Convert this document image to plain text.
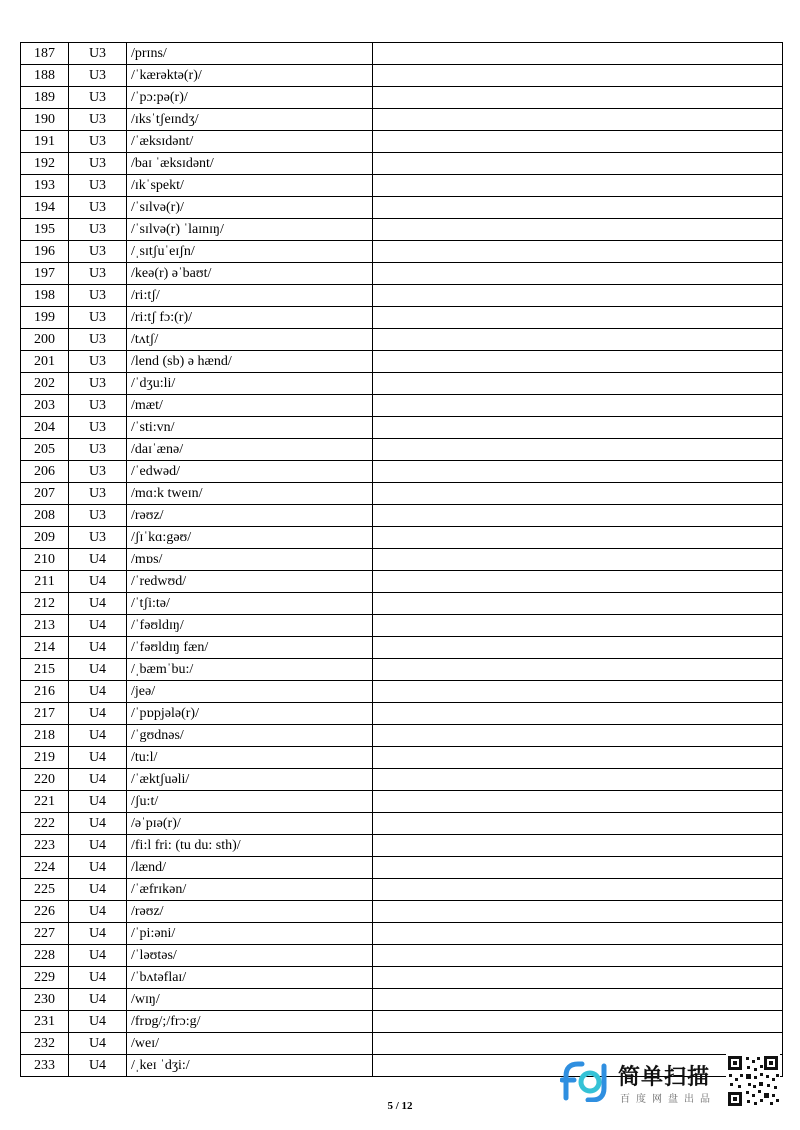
187	U3	/prɪns/	
188	U3	/ˈkærəktə(r)/	
189	U3	/ˈpɔ:pə(r)/	
190	U3	/ɪksˈtʃeɪndʒ/	
191	U3	/ˈæksɪdənt/	
192	U3	/baɪ ˈæksɪdənt/	
193	U3	/ɪkˈspekt/	
194	U3	/ˈsɪlvə(r)/	
195	U3	/ˈsɪlvə(r) ˈlaɪnɪŋ/	
196	U3	/ˌsɪtʃuˈeɪʃn/	
197	U3	/keə(r) əˈbaʊt/	
198	U3	/ri:tʃ/	
199	U3	/ri:tʃ fɔ:(r)/	
200	U3	/tʌtʃ/	
201	U3	/lend (sb) ə hænd/	
202	U3	/ˈdʒu:li/	
203	U3	/mæt/	
204	U3	/ˈsti:vn/	
205	U3	/daɪˈænə/	
206	U3	/ˈedwəd/	
207	U3	/mɑ:k tweɪn/	
208	U3	/rəʊz/	
209	U3	/ʃɪˈkɑ:gəʊ/	
210	U4	/mɒs/	
211	U4	/ˈredwʊd/	
212	U4	/ˈtʃi:tə/	
213	U4	/ˈfəʊldɪŋ/	
214	U4	/ˈfəʊldɪŋ fæn/	
215	U4	/ˌbæmˈbu:/	
216	U4	/jeə/	
217	U4	/ˈpɒpjələ(r)/	
218	U4	/ˈgʊdnəs/	
219	U4	/tu:l/	
220	U4	/ˈæktʃuəli/	
221	U4	/ʃu:t/	
222	U4	/əˈpɪə(r)/	
223	U4	/fi:l fri: (tu du: sth)/	
224	U4	/lænd/	
225	U4	/ˈæfrɪkən/	
226	U4	/rəʊz/	
227	U4	/ˈpi:əni/	
228	U4	/ˈləʊtəs/	
229	U4	/ˈbʌtəflaɪ/	
230	U4	/wɪŋ/	
231	U4	/frɒg/;/frɔ:g/	
232	U4	/weɪ/	
233	U4	/ˌkeɪ ˈdʒi:/	
5 / 12
简单扫描
百度网盘出品
